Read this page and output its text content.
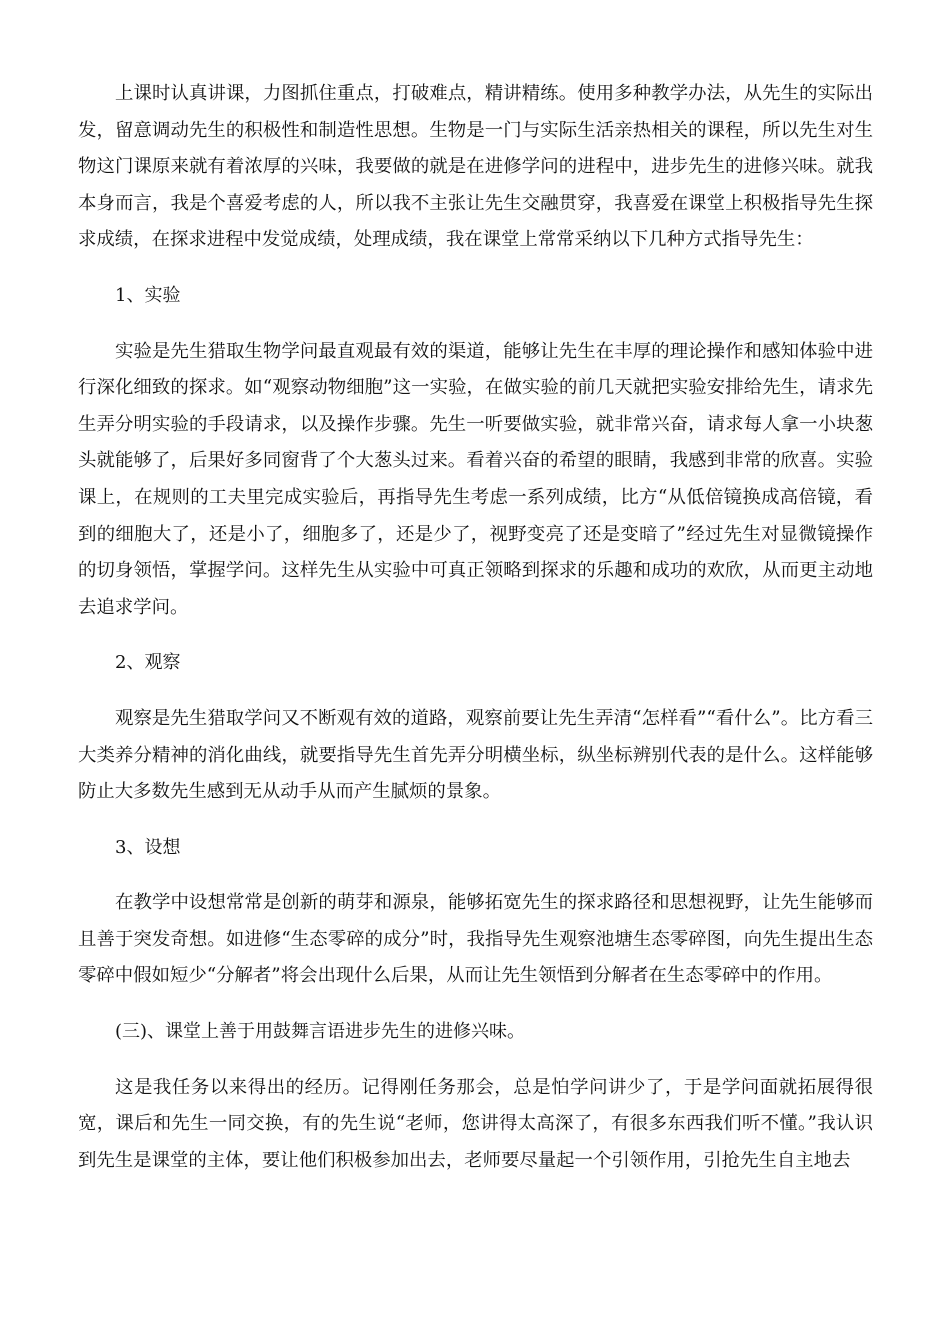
上课时认真讲课，力图抓住重点，打破难点，精讲精练。使用多种教学办法，从先生的实际出发，留意调动先生的积极性和制造性思想。生物是一门与实际生活亲热相关的课程，所以先生对生物这门课原来就有着浓厚的兴味，我要做的就是在进修学问的进程中，进步先生的进修兴味。就我本身而言，我是个喜爱考虑的人，所以我不主张让先生交融贯穿，我喜爱在课堂上积极指导先生探求成绩，在探求进程中发觉成绩，处理成绩，我在课堂上常常采纳以下几种方式指导先生：

1、实验

实验是先生猎取生物学问最直观最有效的渠道，能够让先生在丰厚的理论操作和感知体验中进行深化细致的探求。如“观察动物细胞”这一实验，在做实验的前几天就把实验安排给先生，请求先生弄分明实验的手段请求，以及操作步骤。先生一听要做实验，就非常兴奋，请求每人拿一小块葱头就能够了，后果好多同窗背了个大葱头过来。看着兴奋的希望的眼睛，我感到非常的欣喜。实验课上，在规则的工夫里完成实验后，再指导先生考虑一系列成绩，比方“从低倍镜换成高倍镜，看到的细胞大了，还是小了，细胞多了，还是少了，视野变亮了还是变暗了”经过先生对显微镜操作的切身领悟，掌握学问。这样先生从实验中可真正领略到探求的乐趣和成功的欢欣，从而更主动地去追求学问。

2、观察

观察是先生猎取学问又不断观有效的道路，观察前要让先生弄清“怎样看”“看什么”。比方看三大类养分精神的消化曲线，就要指导先生首先弄分明横坐标，纵坐标辨别代表的是什么。这样能够防止大多数先生感到无从动手从而产生腻烦的景象。

3、设想

在教学中设想常常是创新的萌芽和源泉，能够拓宽先生的探求路径和思想视野，让先生能够而且善于突发奇想。如进修“生态零碎的成分”时，我指导先生观察池塘生态零碎图，向先生提出生态零碎中假如短少“分解者”将会出现什么后果，从而让先生领悟到分解者在生态零碎中的作用。

(三)、课堂上善于用鼓舞言语进步先生的进修兴味。

这是我任务以来得出的经历。记得刚任务那会，总是怕学问讲少了，于是学问面就拓展得很宽，课后和先生一同交换，有的先生说“老师，您讲得太高深了，有很多东西我们听不懂。”我认识到先生是课堂的主体，要让他们积极参加出去，老师要尽量起一个引领作用，引抢先生自主地去
